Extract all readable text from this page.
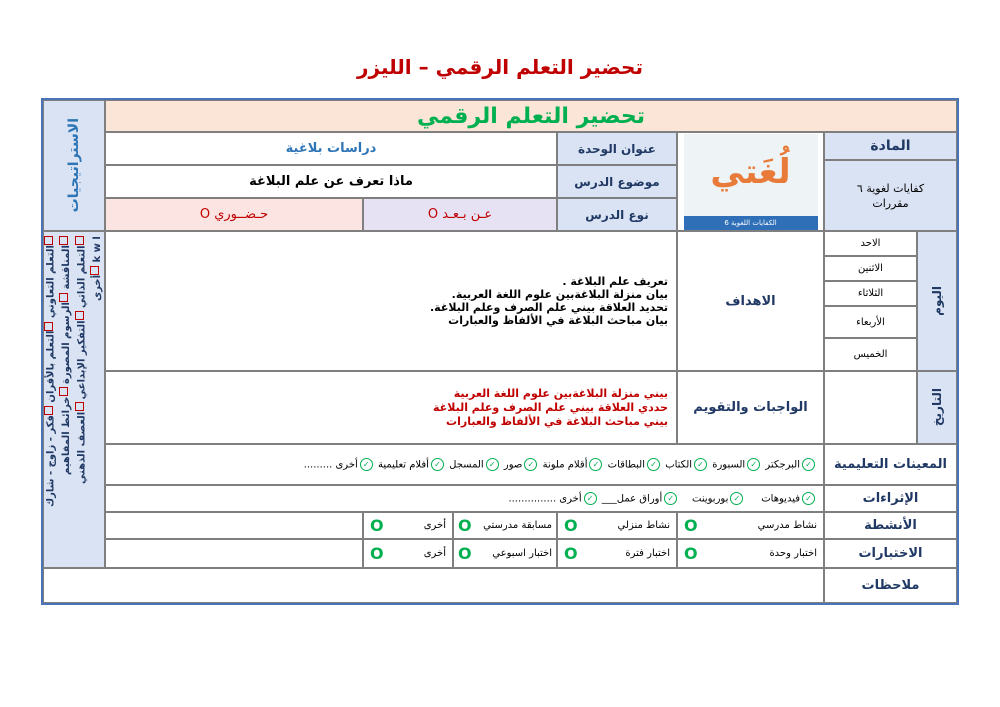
تحضير التعلم الرقمي – الليزر
تحضير التعلم الرقمي
الاستراتيجيات
التعلم التعاوني التعلم بالأقران فكر - زاوج - شارك
المناقشة الرسوم المصورة خرائط المفاهيم
التعلم الذاتي التفكير الإبداعي العصف الذهني
k w l أخرى
المادة
كفايات لغوية ٦ مقررات
لُغَتي
الكفايات اللغوية 6
عنوان الوحدة
دراسات بلاغية
موضوع الدرس
ماذا تعرف عن علم البلاغة
نوع الدرس
عـن بـعـد O
حـضــوري O
اليوم
الاحد
الاثنين
الثلاثاء
الأربعاء
الخميس
التاريخ
الاهداف
تعريف علم البلاغة .
بيان منزلة البلاغةبين علوم اللغة العربية.
تحديد العلاقة بيني علم الصرف وعلم البلاغة.
بيان مباحث البلاغة في الألفاظ والعبارات
الواجبات والتقويم
بيني منزلة البلاغةبين علوم اللغة العربية
حددي العلاقة بيني علم الصرف وعلم البلاغة
بيني مباحث البلاغة في الألفاظ والعبارات
المعينات التعليمية
✓البرجكتر ✓السبورة ✓الكتاب ✓البطاقات ✓أقلام ملونة ✓صور ✓المسجل ✓أفلام تعليمية ✓أخرى .........
الإثراءات
✓فيديوهات     ✓بوربوينت    ✓أوراق عمل___ ✓أخرى ...............
الأنشطة
نشاط مدرسي
O
نشاط منزلي
O
مسابقة مدرستي
O
أخرى
O
الاختبارات
اختبار وحدة
O
اختبار فترة
O
اختبار اسبوعي
O
أخرى
O
ملاحظات
